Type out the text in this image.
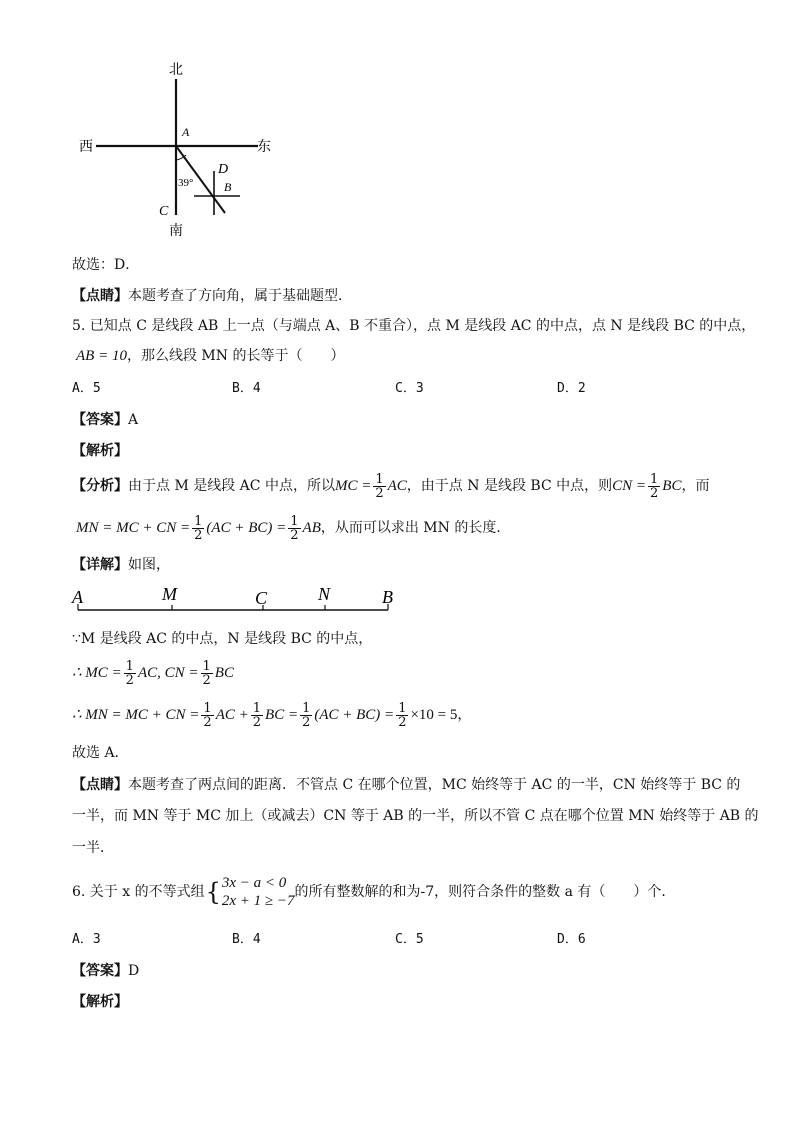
北
西	东
南
A
D
B
C
39°
故选：D．
【点睛】本题考查了方向角，属于基础题型．
5. 已知点 C 是线段 AB 上一点（与端点 A、B 不重合），点 M 是线段 AC 的中点，点 N 是线段 BC 的中点，
AB = 10，那么线段 MN 的长等于（　　）
A．5	B．4	C．3	D．2
【答案】A
【解析】
【分析】 由于点 M 是线段 AC 中点，所以 MC = $\frac{1}{2}$ AC ，由于点 N 是线段 BC 中点，则 CN = $\frac{1}{2}$ BC ，而
MN = MC + CN = $\frac{1}{2} (AC + BC) = \frac{1}{2}$ AB ，从而可以求出 MN 的长度．
【详解】如图，
A	M	C	N	B
∵M 是线段 AC 的中点，N 是线段 BC 的中点，
∴ MC = $\frac{1}{2}$ AC, CN = $\frac{1}{2}$ BC
∴ MN = MC + CN = $\frac{1}{2}$ AC + $\frac{1}{2}$ BC = $\frac{1}{2} (AC + BC) = \frac{1}{2} \times 10 = 5$ ，
故选 A．
【点睛】本题考查了两点间的距离．不管点 C 在哪个位置，MC 始终等于 AC 的一半，CN 始终等于 BC 的
一半，而 MN 等于 MC 加上（或减去）CN 等于 AB 的一半，所以不管 C 点在哪个位置 MN 始终等于 AB 的
一半．
6. 关于 x 的不等式组 { 3x − a < 0
2x + 1 ≥ −7
的所有整数解的和为-7，则符合条件的整数 a 有（　　）个．
A．3	B．4	C．5	D．6
【答案】D
【解析】
